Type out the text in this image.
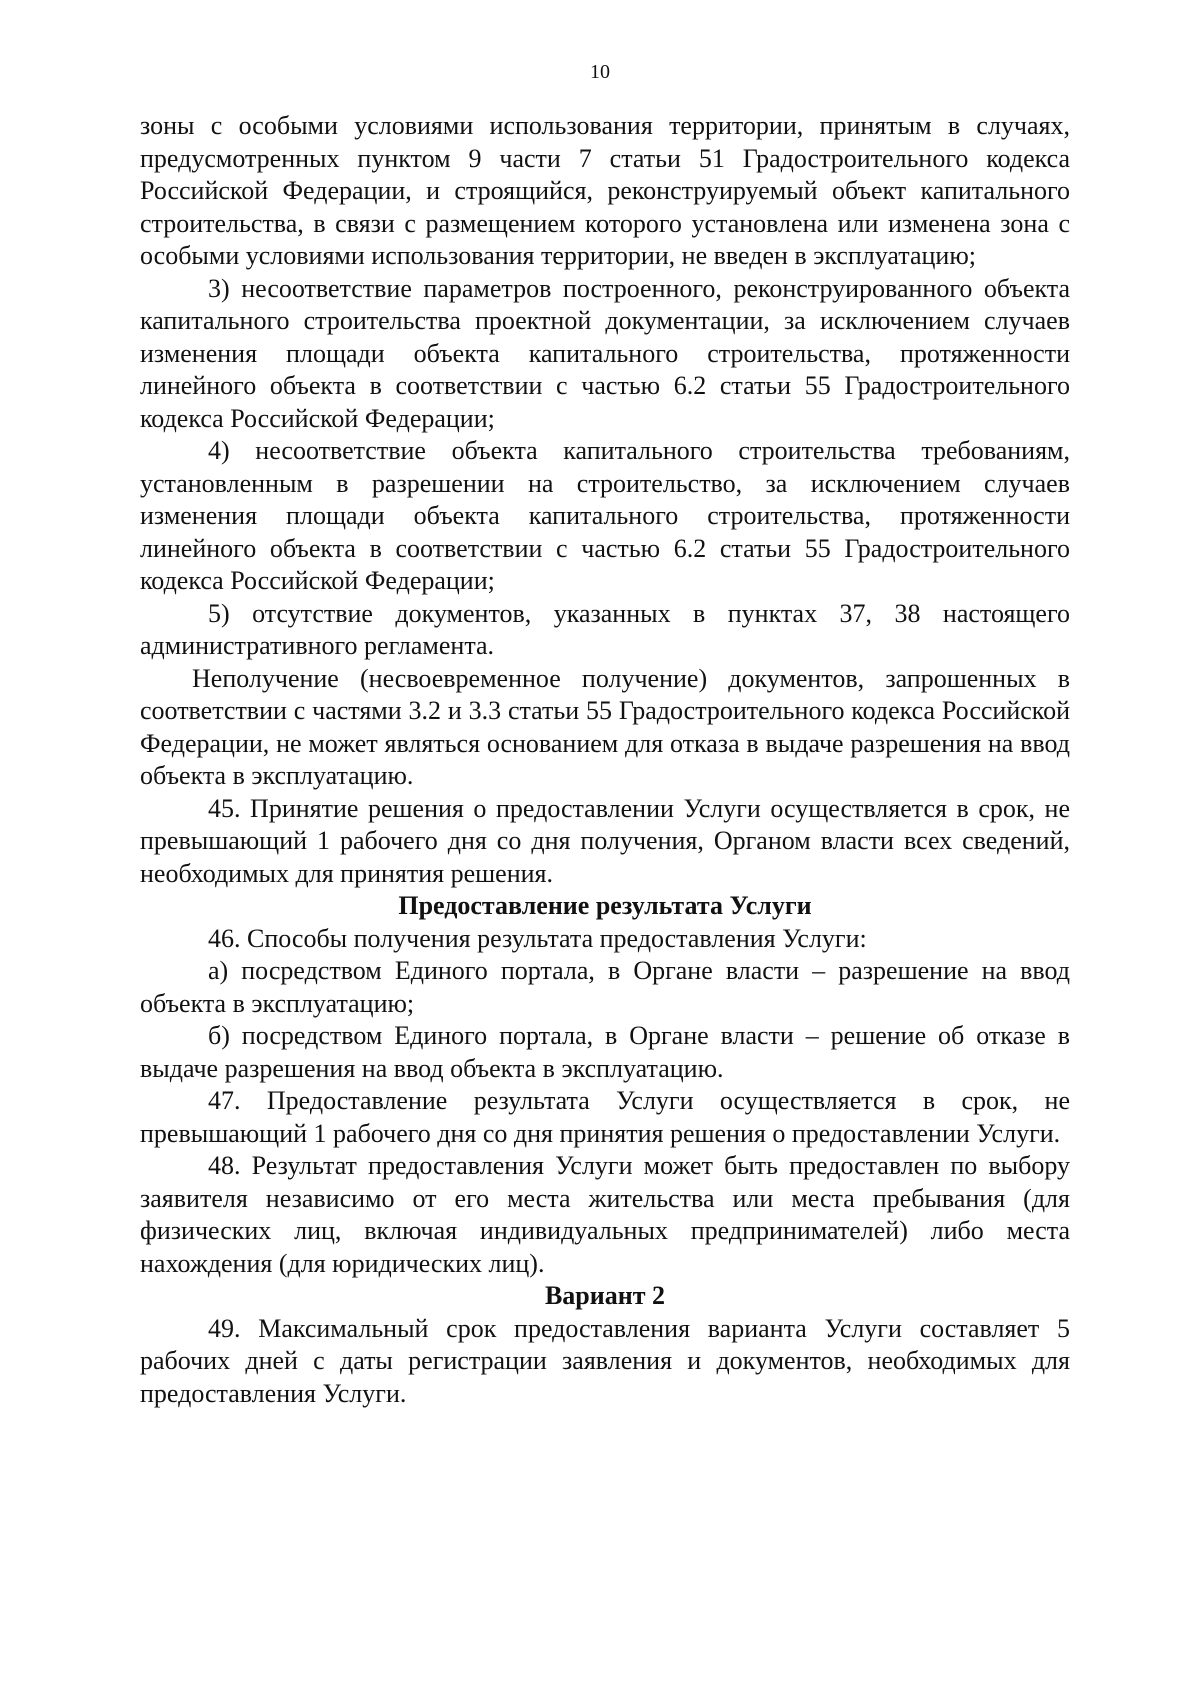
10

зоны с особыми условиями использования территории, принятым в случаях, предусмотренных пунктом 9 части 7 статьи 51 Градостроительного кодекса Российской Федерации, и строящийся, реконструируемый объект капитального строительства, в связи с размещением которого установлена или изменена зона с особыми условиями использования территории, не введен в эксплуатацию;

3) несоответствие параметров построенного, реконструированного объекта капитального строительства проектной документации, за исключением случаев изменения площади объекта капитального строительства, протяженности линейного объекта в соответствии с частью 6.2 статьи 55 Градостроительного кодекса Российской Федерации;

4) несоответствие объекта капитального строительства требованиям, установленным в разрешении на строительство, за исключением случаев изменения площади объекта капитального строительства, протяженности линейного объекта в соответствии с частью 6.2 статьи 55 Градостроительного кодекса Российской Федерации;

5) отсутствие документов, указанных в пунктах 37, 38 настоящего административного регламента.

Неполучение (несвоевременное получение) документов, запрошенных в соответствии с частями 3.2 и 3.3 статьи 55 Градостроительного кодекса Российской Федерации, не может являться основанием для отказа в выдаче разрешения на ввод объекта в эксплуатацию.

45. Принятие решения о предоставлении Услуги осуществляется в срок, не превышающий 1 рабочего дня со дня получения, Органом власти всех сведений, необходимых для принятия решения.

Предоставление результата Услуги

46. Способы получения результата предоставления Услуги:

а) посредством Единого портала, в Органе власти – разрешение на ввод объекта в эксплуатацию;

б) посредством Единого портала, в Органе власти – решение об отказе в выдаче разрешения на ввод объекта в эксплуатацию.

47. Предоставление результата Услуги осуществляется в срок, не превышающий 1 рабочего дня со дня принятия решения о предоставлении Услуги.

48. Результат предоставления Услуги может быть предоставлен по выбору заявителя независимо от его места жительства или места пребывания (для физических лиц, включая индивидуальных предпринимателей) либо места нахождения (для юридических лиц).

Вариант 2

49. Максимальный срок предоставления варианта Услуги составляет 5 рабочих дней с даты регистрации заявления и документов, необходимых для предоставления Услуги.
